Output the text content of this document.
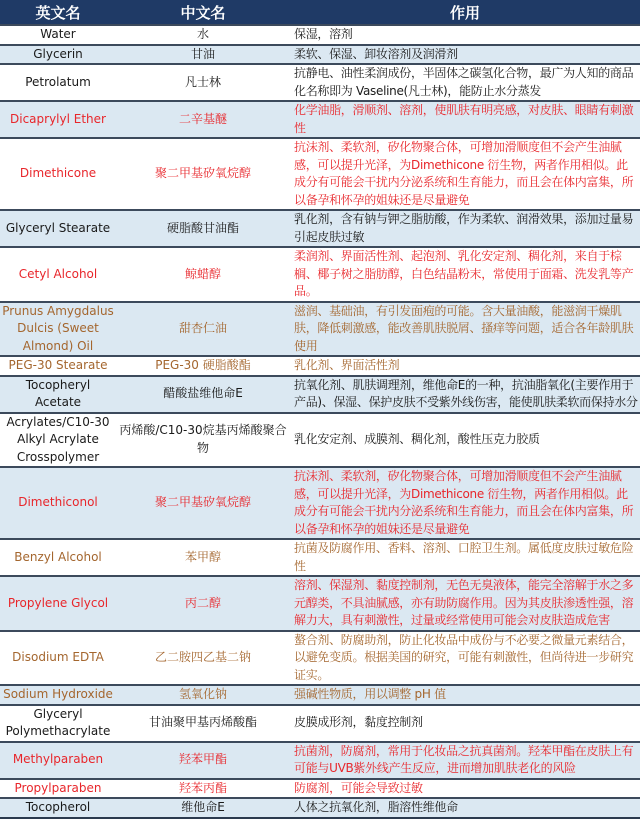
英文名	中文名	作用
Water	水	保湿，溶剂
Glycerin	甘油	柔软、保湿、卸妆溶剂及润滑剂
Petrolatum	凡士林	抗静电、油性柔润成份，半固体之碳氢化合物，最广为人知的商品化名称即为 Vaseline(凡士林)，能防止水分蒸发
Dicaprylyl Ether	二辛基醚	化学油脂，滑顺剂、溶剂，使肌肤有明亮感，对皮肤、眼睛有刺激性
Dimethicone	聚二甲基矽氧烷醇	抗沫剂、柔软剂，矽化物聚合体，可增加滑顺度但不会产生油腻感，可以提升光泽，为Dimethicone 衍生物，两者作用相似。此成分有可能会干扰内分泌系统和生育能力，而且会在体内富集，所以备孕和怀孕的姐妹还是尽量避免
Glyceryl Stearate	硬脂酸甘油酯	乳化剂，含有钠与钾之脂肪酸，作为柔软、润滑效果，添加过量易引起皮肤过敏
Cetyl Alcohol	鲸蜡醇	柔润剂、界面活性剂、起泡剂、乳化安定剂、稠化剂，来自于棕榈、椰子树之脂肪醇，白色结晶粉末，常使用于面霜、洗发乳等产品。
Prunus Amygdalus Dulcis (Sweet Almond) Oil	甜杏仁油	滋润、基础油，有引发面疱的可能。含大量油酸，能滋润干燥肌肤，降低刺激感，能改善肌肤脱屑、搔痒等问题，适合各年龄肌肤使用
PEG-30 Stearate	PEG-30 硬脂酸酯	乳化剂、界面活性剂
Tocopheryl Acetate	醋酸盐维他命E	抗氧化剂、肌肤调理剂，维他命E的一种，抗油脂氧化(主要作用于产品)、保湿、保护皮肤不受紫外线伤害，能使肌肤柔软而保持水分
Acrylates/C10-30 Alkyl Acrylate Crosspolymer	丙烯酸/C10-30烷基丙烯酸聚合物	乳化安定剂、成膜剂、稠化剂，酸性压克力胶质
Dimethiconol	聚二甲基矽氧烷醇	抗沫剂、柔软剂，矽化物聚合体，可增加滑顺度但不会产生油腻感，可以提升光泽，为Dimethicone 衍生物，两者作用相似。此成分有可能会干扰内分泌系统和生育能力，而且会在体内富集，所以备孕和怀孕的姐妹还是尽量避免
Benzyl Alcohol	苯甲醇	抗菌及防腐作用、香料、溶剂、口腔卫生剂。属低度皮肤过敏危险性
Propylene Glycol	丙二醇	溶剂、保湿剂、黏度控制剂，无色无臭液体，能完全溶解于水之多元醇类，不具油腻感，亦有助防腐作用。因为其皮肤渗透性强，溶解力大，具有刺激性，过量或经常使用可能会对皮肤造成危害
Disodium EDTA	乙二胺四乙基二钠	螯合剂、防腐助剂，防止化妆品中成份与不必要之微量元素结合，以避免变质。根据美国的研究，可能有刺激性，但尚待进一步研究证实。
Sodium Hydroxide	氢氧化钠	强碱性物质，用以调整 pH 值
Glyceryl Polymethacrylate	甘油聚甲基丙烯酸酯	皮膜成形剂，黏度控制剂
Methylparaben	羟苯甲酯	抗菌剂，防腐剂，常用于化妆品之抗真菌剂。羟苯甲酯在皮肤上有可能与UVB紫外线产生反应，进而增加肌肤老化的风险
Propylparaben	羟苯丙酯	防腐剂，可能会导致过敏
Tocopherol	维他命E	人体之抗氧化剂，脂溶性维他命
